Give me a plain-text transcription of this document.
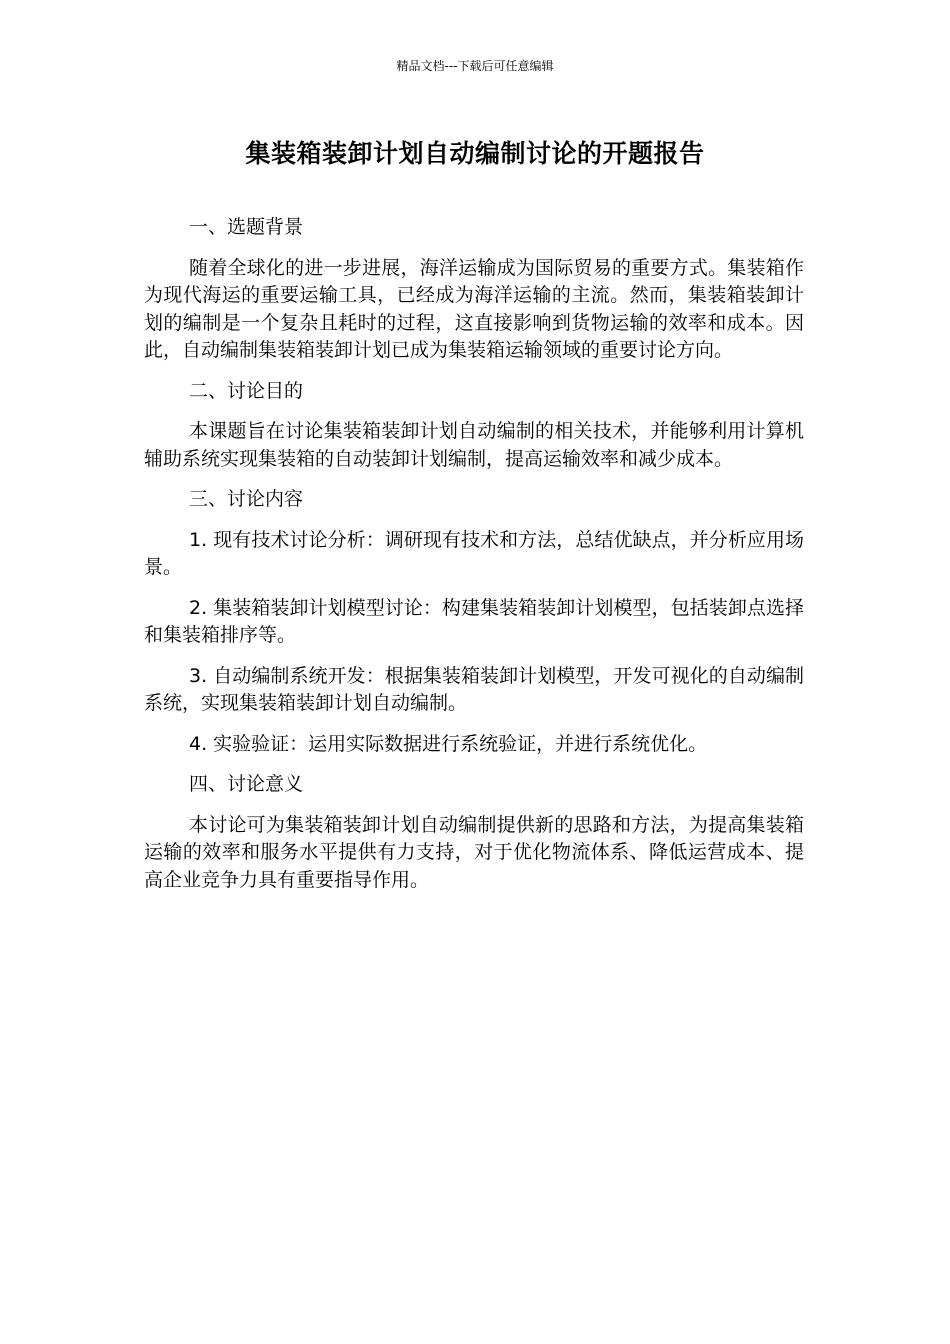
精品文档---下载后可任意编辑
集装箱装卸计划自动编制讨论的开题报告
一、选题背景

随着全球化的进一步进展，海洋运输成为国际贸易的重要方式。集装箱作为现代海运的重要运输工具，已经成为海洋运输的主流。然而，集装箱装卸计划的编制是一个复杂且耗时的过程，这直接影响到货物运输的效率和成本。因此，自动编制集装箱装卸计划已成为集装箱运输领域的重要讨论方向。

二、讨论目的

本课题旨在讨论集装箱装卸计划自动编制的相关技术，并能够利用计算机辅助系统实现集装箱的自动装卸计划编制，提高运输效率和减少成本。

三、讨论内容

1. 现有技术讨论分析：调研现有技术和方法，总结优缺点，并分析应用场景。

2. 集装箱装卸计划模型讨论：构建集装箱装卸计划模型，包括装卸点选择和集装箱排序等。

3. 自动编制系统开发：根据集装箱装卸计划模型，开发可视化的自动编制系统，实现集装箱装卸计划自动编制。

4. 实验验证：运用实际数据进行系统验证，并进行系统优化。

四、讨论意义

本讨论可为集装箱装卸计划自动编制提供新的思路和方法，为提高集装箱运输的效率和服务水平提供有力支持，对于优化物流体系、降低运营成本、提高企业竞争力具有重要指导作用。
